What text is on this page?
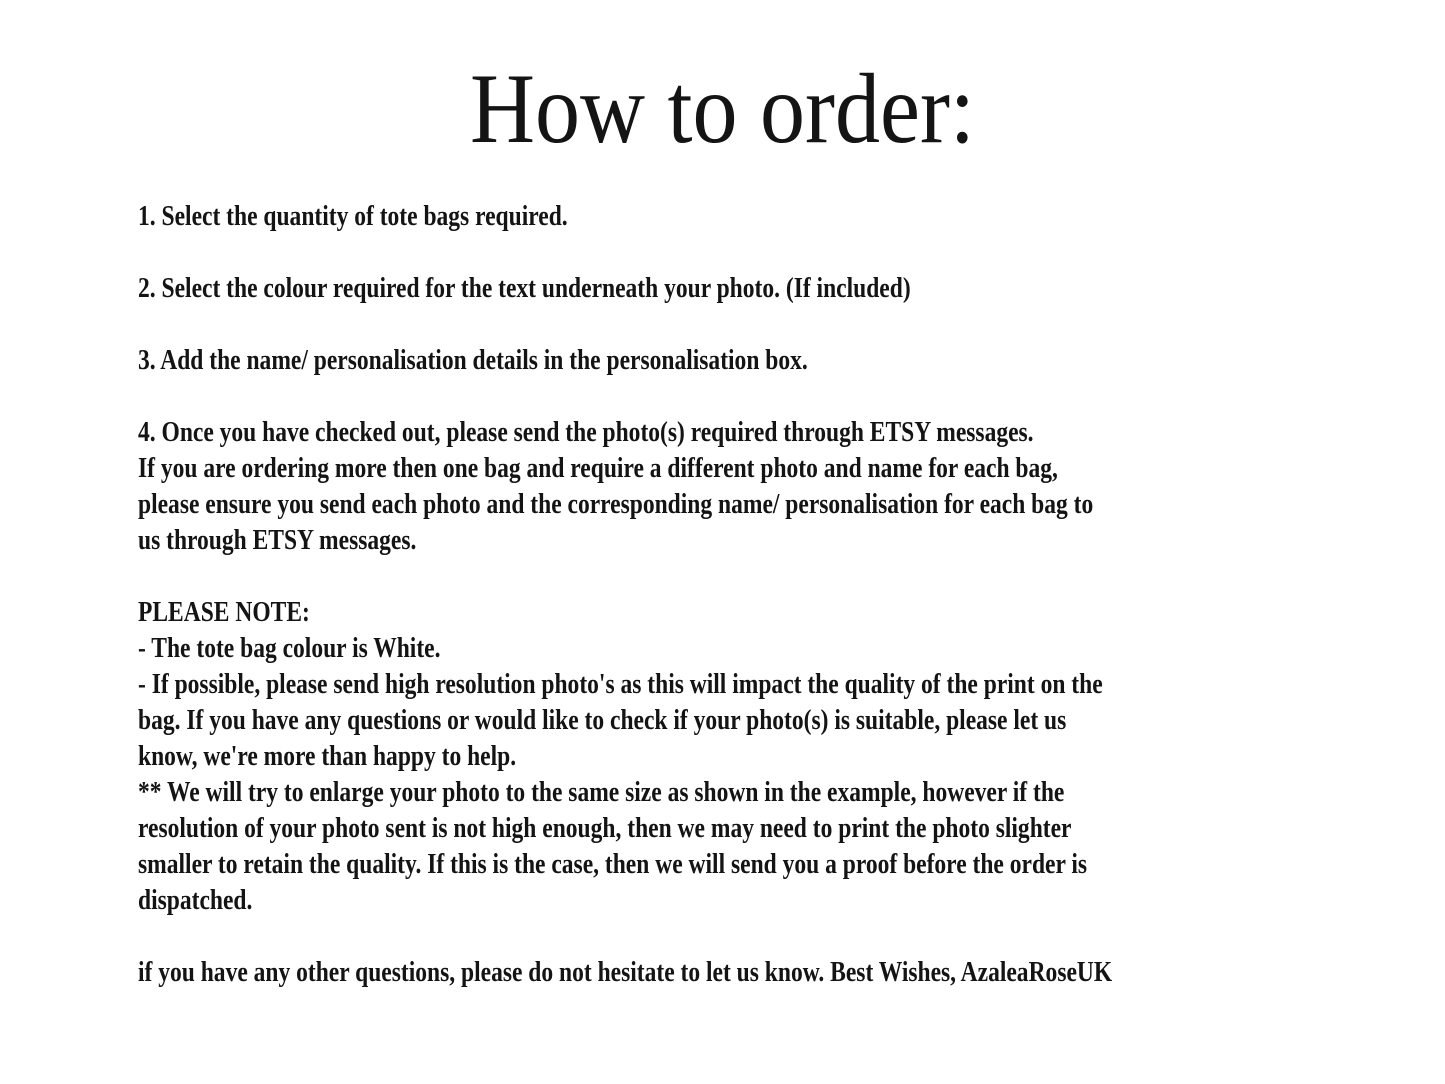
How to order:

1. Select the quantity of tote bags required.

2. Select the colour required for the text underneath your photo. (If included)

3. Add the name/ personalisation details in the personalisation box.

4. Once you have checked out, please send the photo(s) required through ETSY messages.
If you are ordering more then one bag and require a different photo and name for each bag,
please ensure you send each photo and the corresponding name/ personalisation for each bag to
us through ETSY messages.

PLEASE NOTE:
- The tote bag colour is White.
- If possible, please send high resolution photo's as this will impact the quality of the print on the
bag. If you have any questions or would like to check if your photo(s) is suitable, please let us
know, we're more than happy to help.
** We will try to enlarge your photo to the same size as shown in the example, however if the
resolution of your photo sent is not high enough, then we may need to print the photo slighter
smaller to retain the quality. If this is the case, then we will send you a proof before the order is
dispatched.

if you have any other questions, please do not hesitate to let us know. Best Wishes, AzaleaRoseUK
